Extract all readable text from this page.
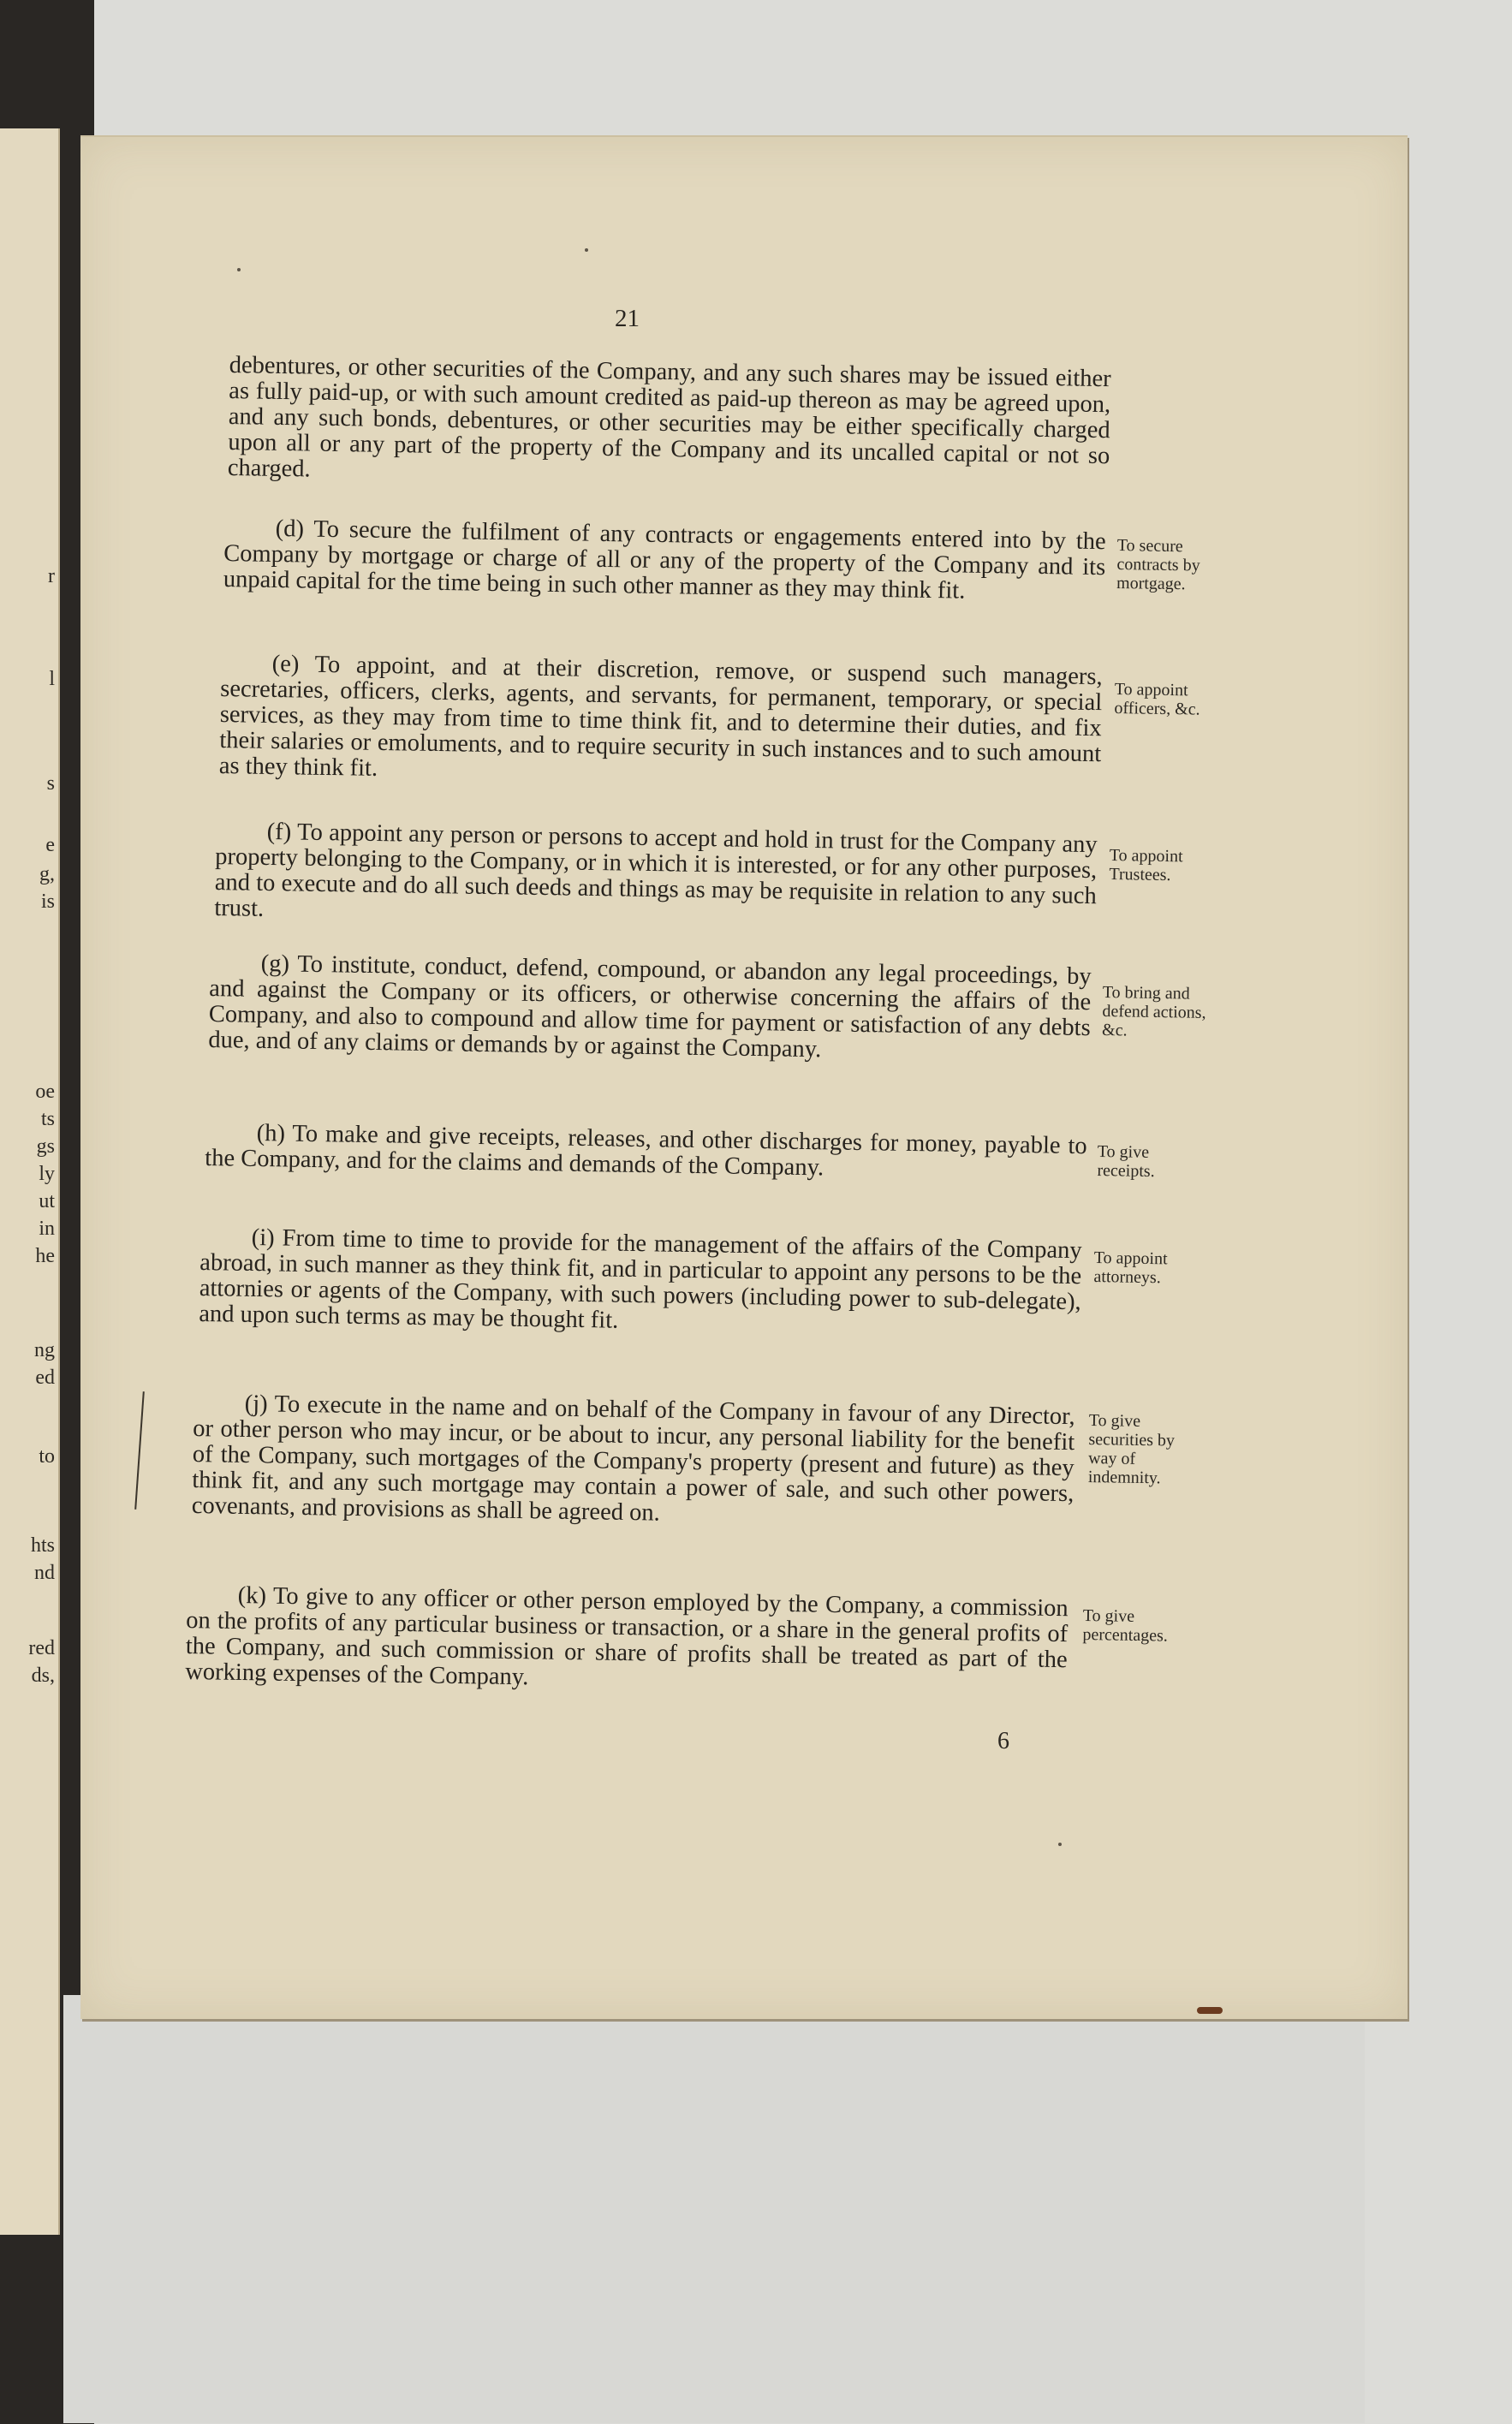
r
l
s
e
g,
is
oe
ts
gs
ly
ut
in
he
ng
ed
to
hts
nd
red
ds,
21

debentures, or other securities of the Company, and any such shares may be issued either as fully paid-up, or with such amount credited as paid-up thereon as may be agreed upon, and any such bonds, debentures, or other securities may be either specifically charged upon all or any part of the property of the Company and its uncalled capital or not so charged.

(d) To secure the fulfilment of any contracts or engagements entered into by the Company by mortgage or charge of all or any of the property of the Company and its unpaid capital for the time being in such other manner as they may think fit.

To secure contracts by mortgage.

(e) To appoint, and at their discretion, remove, or suspend such managers, secretaries, officers, clerks, agents, and servants, for permanent, temporary, or special services, as they may from time to time think fit, and to determine their duties, and fix their salaries or emoluments, and to require security in such instances and to such amount as they think fit.

To appoint officers, &c.

(f) To appoint any person or persons to accept and hold in trust for the Company any property belonging to the Company, or in which it is interested, or for any other purposes, and to execute and do all such deeds and things as may be requisite in relation to any such trust.

To appoint Trustees.

(g) To institute, conduct, defend, compound, or abandon any legal proceedings, by and against the Company or its officers, or otherwise concerning the affairs of the Company, and also to compound and allow time for payment or satisfaction of any debts due, and of any claims or demands by or against the Company.

To bring and defend actions, &c.

(h) To make and give receipts, releases, and other discharges for money, payable to the Company, and for the claims and demands of the Company.	To give receipts.

(i) From time to time to provide for the management of the affairs of the Company abroad, in such manner as they think fit, and in particular to appoint any persons to be the attornies or agents of the Company, with such powers (including power to sub-delegate), and upon such terms as may be thought fit.

To appoint attorneys.

(j) To execute in the name and on behalf of the Company in favour of any Director, or other person who may incur, or be about to incur, any personal liability for the benefit of the Company, such mortgages of the Company's property (present and future) as they think fit, and any such mortgage may contain a power of sale, and such other powers, covenants, and provisions as shall be agreed on.

To give securities by way of indemnity.

(k) To give to any officer or other person employed by the Company, a commission on the profits of any particular business or transaction, or a share in the general profits of the Company, and such commission or share of profits shall be treated as part of the working expenses of the Company.

To give percentages.

6
